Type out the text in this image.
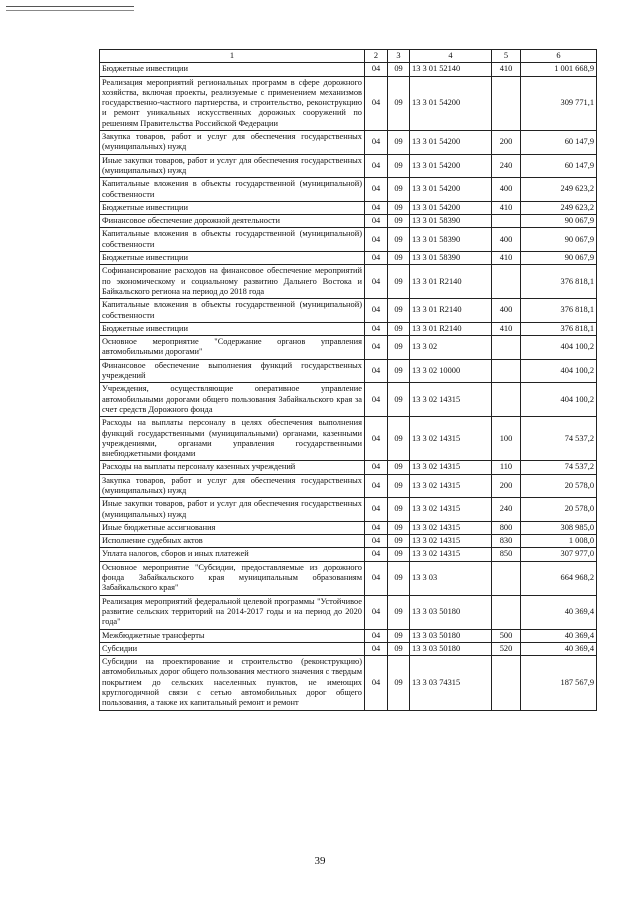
1	2	3	4	5	6
Бюджетные инвестиции	04	09	13 3 01 52140	410	1 001 668,9
Реализация мероприятий региональных программ в сфере дорожного хозяйства, включая проекты, реализуемые с применением механизмов государственно-частного партнерства, и строительство, реконструкцию и ремонт уникальных искусственных дорожных сооружений по решениям Правительства Российской Федерации	04	09	13 3 01 54200		309 771,1
Закупка товаров, работ и услуг для обеспечения государственных (муниципальных) нужд	04	09	13 3 01 54200	200	60 147,9
Иные закупки товаров, работ и услуг для обеспечения государственных (муниципальных) нужд	04	09	13 3 01 54200	240	60 147,9
Капитальные вложения в объекты государственной (муниципальной) собственности	04	09	13 3 01 54200	400	249 623,2
Бюджетные инвестиции	04	09	13 3 01 54200	410	249 623,2
Финансовое обеспечение дорожной деятельности	04	09	13 3 01 58390		90 067,9
Капитальные вложения в объекты государственной (муниципальной) собственности	04	09	13 3 01 58390	400	90 067,9
Бюджетные инвестиции	04	09	13 3 01 58390	410	90 067,9
Софинансирование расходов на финансовое обеспечение мероприятий по экономическому и социальному развитию Дальнего Востока и Байкальского региона на период до 2018 года	04	09	13 3 01 R2140		376 818,1
Капитальные вложения в объекты государственной (муниципальной) собственности	04	09	13 3 01 R2140	400	376 818,1
Бюджетные инвестиции	04	09	13 3 01 R2140	410	376 818,1
Основное мероприятие "Содержание органов управления автомобильными дорогами"	04	09	13 3 02		404 100,2
Финансовое обеспечение выполнения функций государственных учреждений	04	09	13 3 02 10000		404 100,2
Учреждения, осуществляющие оперативное управление автомобильными дорогами общего пользования Забайкальского края за счет средств Дорожного фонда	04	09	13 3 02 14315		404 100,2
Расходы на выплаты персоналу в целях обеспечения выполнения функций государственными (муниципальными) органами, казенными учреждениями, органами управления государственными внебюджетными фондами	04	09	13 3 02 14315	100	74 537,2
Расходы на выплаты персоналу казенных учреждений	04	09	13 3 02 14315	110	74 537,2
Закупка товаров, работ и услуг для обеспечения государственных (муниципальных) нужд	04	09	13 3 02 14315	200	20 578,0
Иные закупки товаров, работ и услуг для обеспечения государственных (муниципальных) нужд	04	09	13 3 02 14315	240	20 578,0
Иные бюджетные ассигнования	04	09	13 3 02 14315	800	308 985,0
Исполнение судебных актов	04	09	13 3 02 14315	830	1 008,0
Уплата налогов, сборов и иных платежей	04	09	13 3 02 14315	850	307 977,0
Основное мероприятие "Субсидии, предоставляемые из дорожного фонда Забайкальского края муниципальным образованиям Забайкальского края"	04	09	13 3 03		664 968,2
Реализация мероприятий федеральной целевой программы "Устойчивое развитие сельских территорий на 2014-2017 годы и на период до 2020 года"	04	09	13 3 03 50180		40 369,4
Межбюджетные трансферты	04	09	13 3 03 50180	500	40 369,4
Субсидии	04	09	13 3 03 50180	520	40 369,4
Субсидии на проектирование и строительство (реконструкцию) автомобильных дорог общего пользования местного значения с твердым покрытием до сельских населенных пунктов, не имеющих круглогодичной связи с сетью автомобильных дорог общего пользования, а также их капитальный ремонт и ремонт	04	09	13 3 03 74315		187 567,9
39
